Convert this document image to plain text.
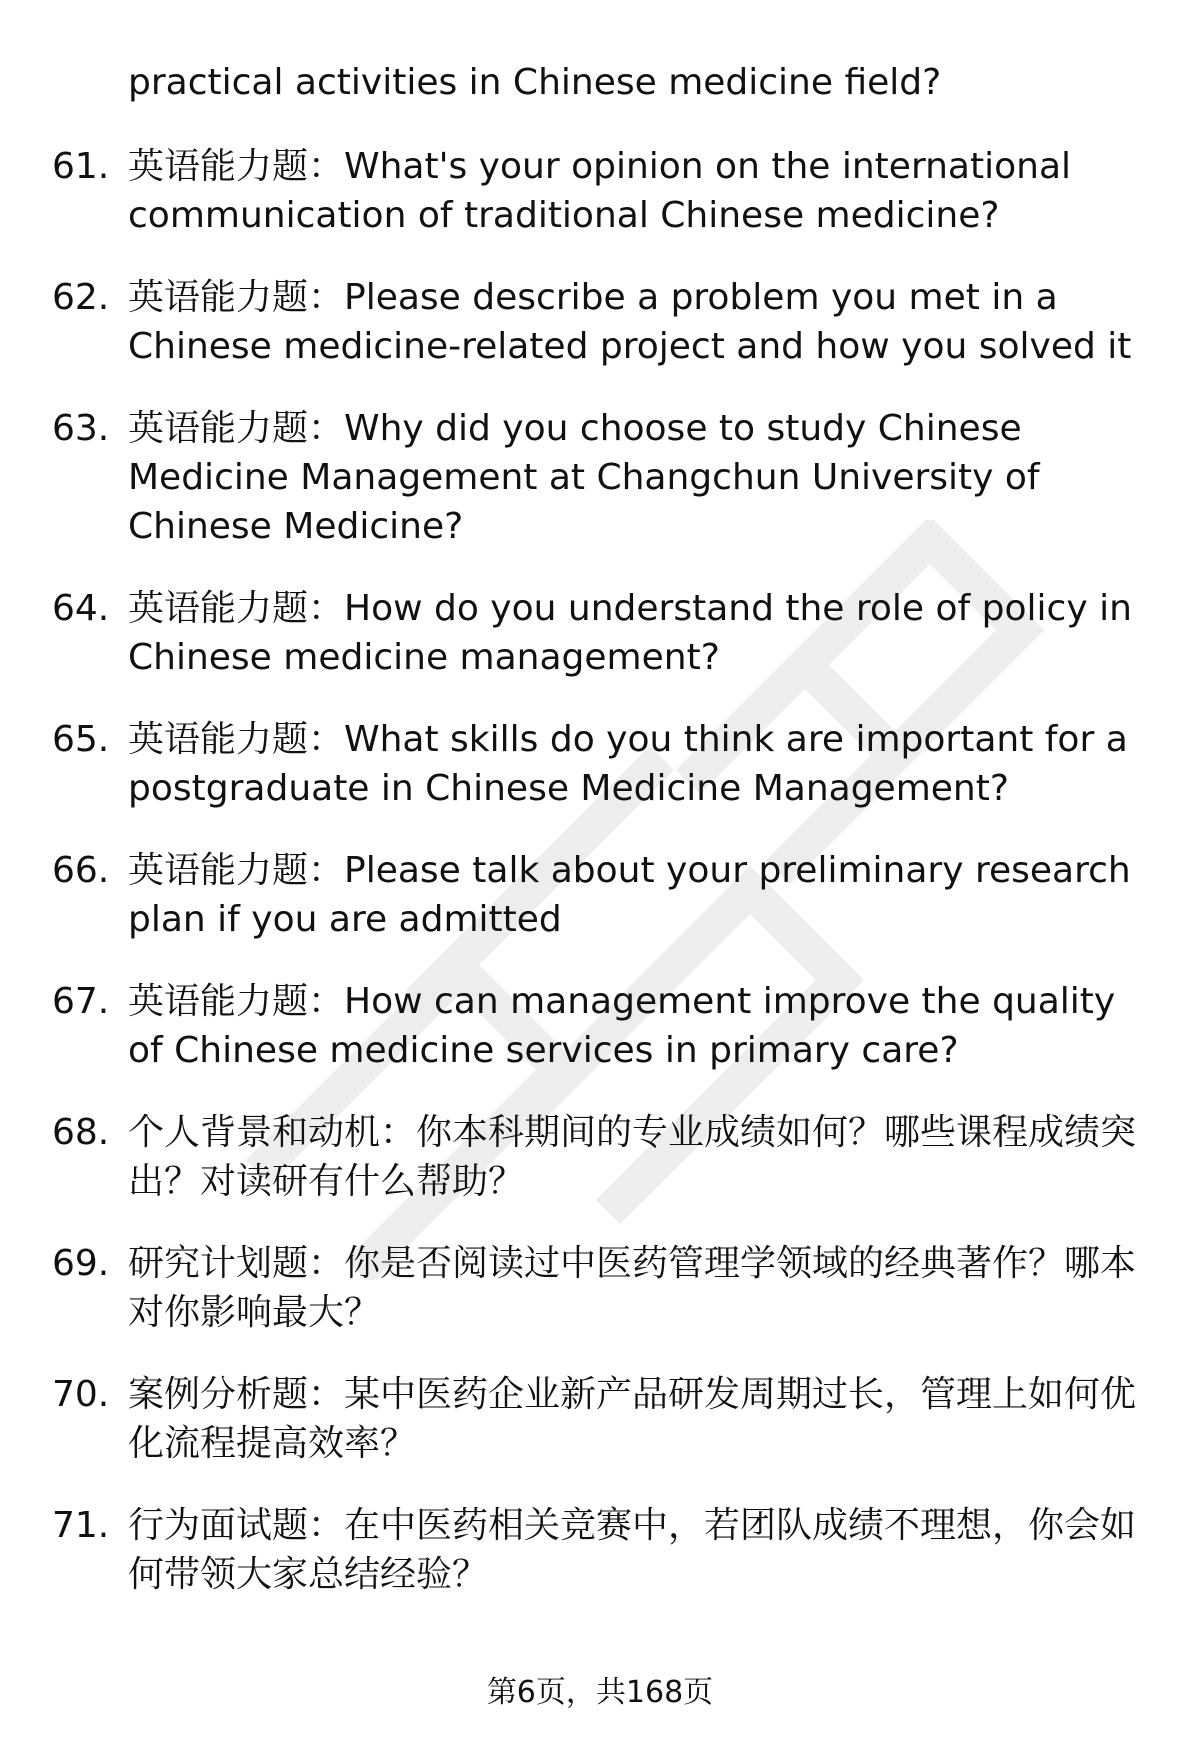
practical activities in Chinese medicine field?

61. 英语能力题：What's your opinion on the international communication of traditional Chinese medicine?
62. 英语能力题：Please describe a problem you met in a Chinese medicine-related project and how you solved it
63. 英语能力题：Why did you choose to study Chinese Medicine Management at Changchun University of Chinese Medicine?
64. 英语能力题：How do you understand the role of policy in Chinese medicine management?
65. 英语能力题：What skills do you think are important for a postgraduate in Chinese Medicine Management?
66. 英语能力题：Please talk about your preliminary research plan if you are admitted
67. 英语能力题：How can management improve the quality of Chinese medicine services in primary care?
68. 个人背景和动机：你本科期间的专业成绩如何？哪些课程成绩突出？对读研有什么帮助？
69. 研究计划题：你是否阅读过中医药管理学领域的经典著作？哪本对你影响最大？
70. 案例分析题：某中医药企业新产品研发周期过长，管理上如何优化流程提高效率？
71. 行为面试题：在中医药相关竞赛中，若团队成绩不理想，你会如何带领大家总结经验？
第6页，共168页
